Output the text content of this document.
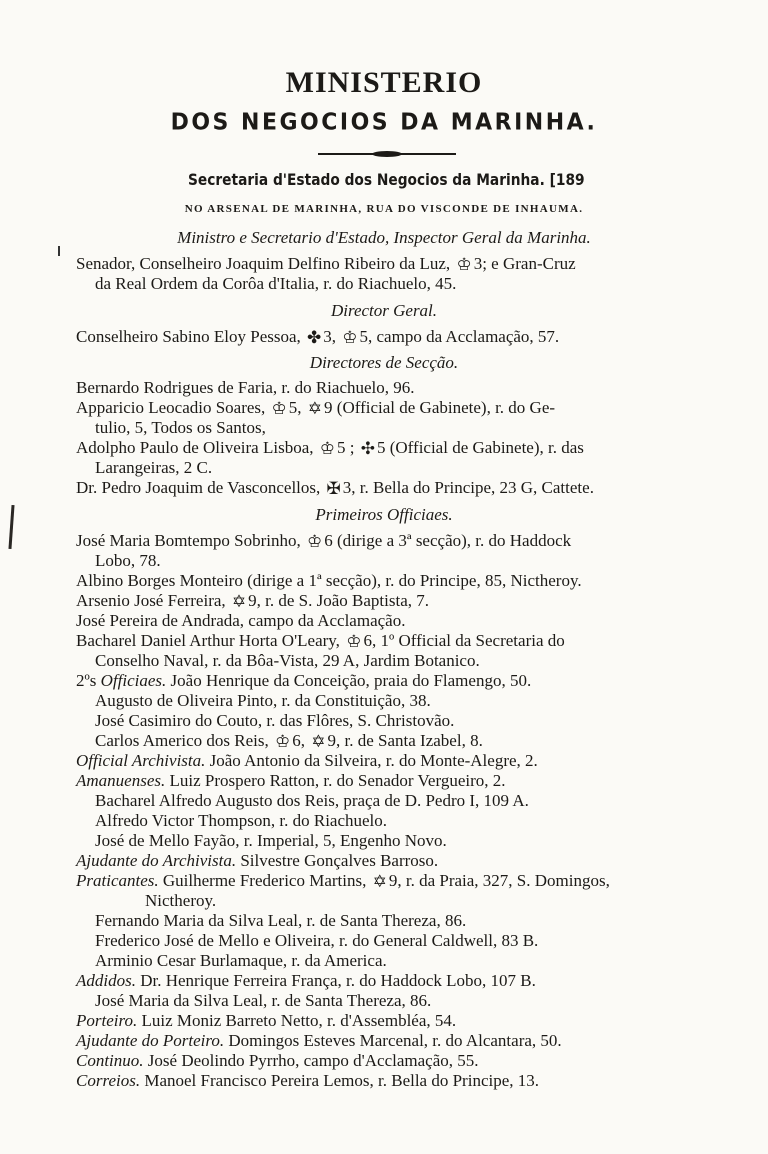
MINISTERIO
DOS NEGOCIOS DA MARINHA.
Secretaria d'Estado dos Negocios da Marinha. [189
NO ARSENAL DE MARINHA, RUA DO VISCONDE DE INHAUMA.
Ministro e Secretario d'Estado, Inspector Geral da Marinha.
Senador, Conselheiro Joaquim Delfino Ribeiro da Luz, ♔ 3; e Gran-Cruz
da Real Ordem da Corôa d'Italia, r. do Riachuelo, 45.
Director Geral.
Conselheiro Sabino Eloy Pessoa, ✤ 3, ♔ 5, campo da Acclamação, 57.
Directores de Secção.
Bernardo Rodrigues de Faria, r. do Riachuelo, 96.
Apparicio Leocadio Soares, ♔ 5, ✡ 9 (Official de Gabinete), r. do Ge-
tulio, 5, Todos os Santos,
Adolpho Paulo de Oliveira Lisboa, ♔ 5 ; ✣ 5 (Official de Gabinete), r. das
Larangeiras, 2 C.
Dr. Pedro Joaquim de Vasconcellos, ✠ 3, r. Bella do Principe, 23 G, Cattete.
Primeiros Officiaes.
José Maria Bomtempo Sobrinho, ♔ 6 (dirige a 3ª secção), r. do Haddock
Lobo, 78.
Albino Borges Monteiro (dirige a 1ª secção), r. do Principe, 85, Nictheroy.
Arsenio José Ferreira, ✡ 9, r. de S. João Baptista, 7.
José Pereira de Andrada, campo da Acclamação.
Bacharel Daniel Arthur Horta O'Leary, ♔ 6, 1º Official da Secretaria do
Conselho Naval, r. da Bôa-Vista, 29 A, Jardim Botanico.
2ºs Officiaes. João Henrique da Conceição, praia do Flamengo, 50.
Augusto de Oliveira Pinto, r. da Constituição, 38.
José Casimiro do Couto, r. das Flôres, S. Christovão.
Carlos Americo dos Reis, ♔ 6, ✡ 9, r. de Santa Izabel, 8.
Official Archivista. João Antonio da Silveira, r. do Monte-Alegre, 2.
Amanuenses. Luiz Prospero Ratton, r. do Senador Vergueiro, 2.
Bacharel Alfredo Augusto dos Reis, praça de D. Pedro I, 109 A.
Alfredo Victor Thompson, r. do Riachuelo.
José de Mello Fayão, r. Imperial, 5, Engenho Novo.
Ajudante do Archivista. Silvestre Gonçalves Barroso.
Praticantes. Guilherme Frederico Martins, ✡ 9, r. da Praia, 327, S. Domingos,
Nictheroy.
Fernando Maria da Silva Leal, r. de Santa Thereza, 86.
Frederico José de Mello e Oliveira, r. do General Caldwell, 83 B.
Arminio Cesar Burlamaque, r. da America.
Addidos. Dr. Henrique Ferreira França, r. do Haddock Lobo, 107 B.
José Maria da Silva Leal, r. de Santa Thereza, 86.
Porteiro. Luiz Moniz Barreto Netto, r. d'Assembléa, 54.
Ajudante do Porteiro. Domingos Esteves Marcenal, r. do Alcantara, 50.
Continuo. José Deolindo Pyrrho, campo d'Acclamação, 55.
Correios. Manoel Francisco Pereira Lemos, r. Bella do Principe, 13.
